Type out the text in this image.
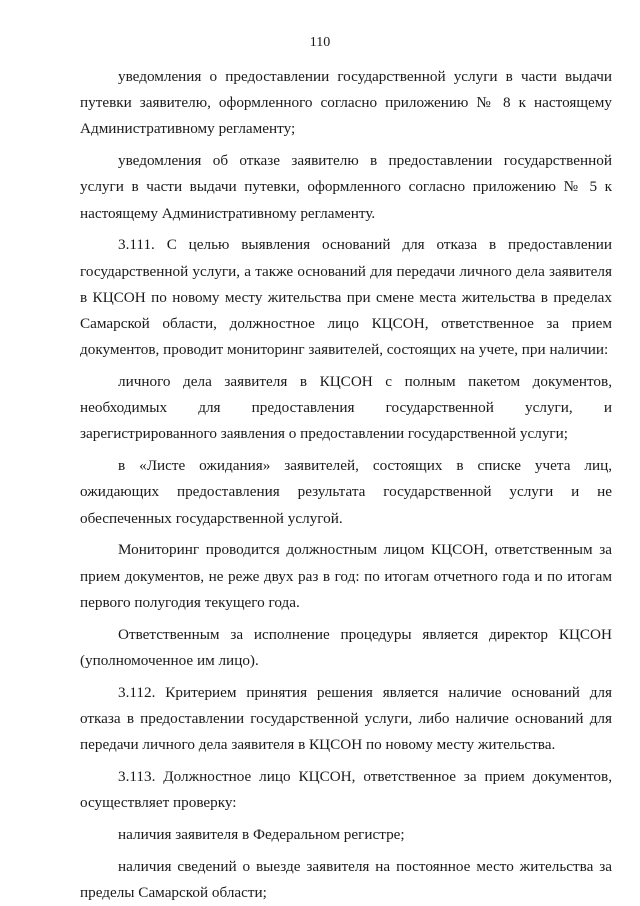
110

уведомления о предоставлении государственной услуги в части выдачи путевки заявителю, оформленного согласно приложению № 8 к настоящему Административному регламенту;

уведомления об отказе заявителю в предоставлении государственной услуги в части выдачи путевки, оформленного согласно приложению № 5 к настоящему Административному регламенту.

3.111. С целью выявления оснований для отказа в предоставлении государственной услуги, а также оснований для передачи личного дела заявителя в КЦСОН по новому месту жительства при смене места жительства в пределах Самарской области, должностное лицо КЦСОН, ответственное за прием документов, проводит мониторинг заявителей, состоящих на учете, при наличии:

личного дела заявителя в КЦСОН с полным пакетом документов, необходимых для предоставления государственной услуги, и зарегистрированного заявления о предоставлении государственной услуги;

в «Листе ожидания» заявителей, состоящих в списке учета лиц, ожидающих предоставления результата государственной услуги и не обеспеченных государственной услугой.

Мониторинг проводится должностным лицом КЦСОН, ответственным за прием документов, не реже двух раз в год: по итогам отчетного года и по итогам первого полугодия текущего года.

Ответственным за исполнение процедуры является директор КЦСОН (уполномоченное им лицо).

3.112. Критерием принятия решения является наличие оснований для отказа в предоставлении государственной услуги, либо наличие оснований для передачи личного дела заявителя в КЦСОН по новому месту жительства.

3.113. Должностное лицо КЦСОН, ответственное за прием документов, осуществляет проверку:

наличия заявителя в Федеральном регистре;

наличия сведений о выезде заявителя на постоянное место жительства за пределы Самарской области;
